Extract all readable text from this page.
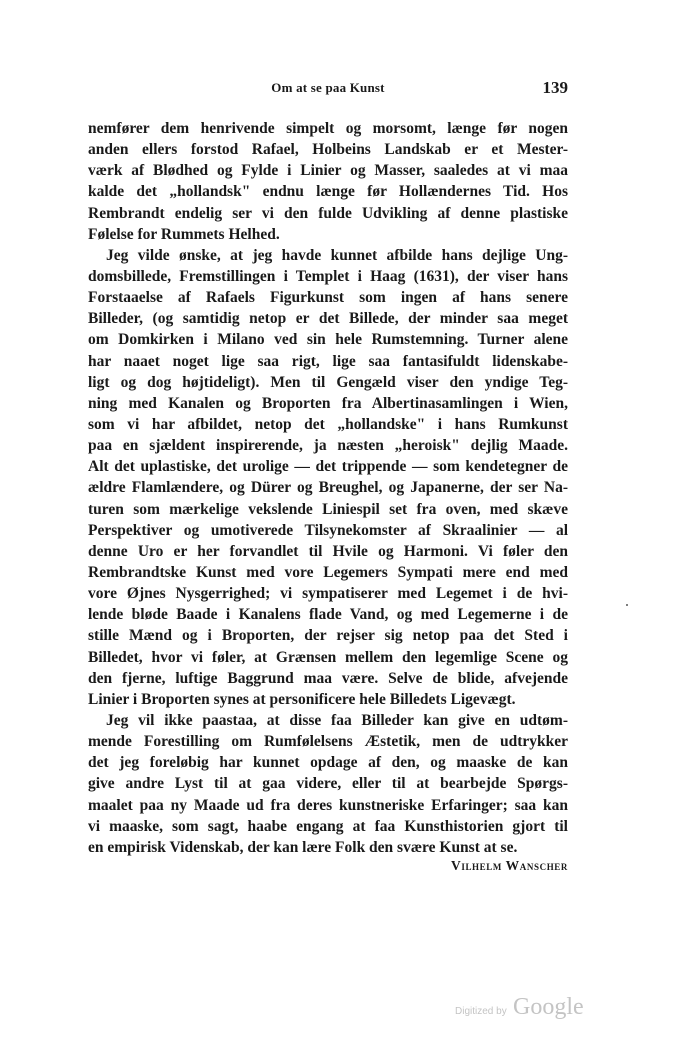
Om at se paa Kunst	139
nemfører dem henrivende simpelt og morsomt, længe før nogen
anden ellers forstod Rafael, Holbeins Landskab er et Mester-
værk af Blødhed og Fylde i Linier og Masser, saaledes at vi maa
kalde det „hollandsk" endnu længe før Hollændernes Tid. Hos
Rembrandt endelig ser vi den fulde Udvikling af denne plastiske
Følelse for Rummets Helhed.
Jeg vilde ønske, at jeg havde kunnet afbilde hans dejlige Ung-
domsbillede, Fremstillingen i Templet i Haag (1631), der viser hans
Forstaaelse af Rafaels Figurkunst som ingen af hans senere
Billeder, (og samtidig netop er det Billede, der minder saa meget
om Domkirken i Milano ved sin hele Rumstemning. Turner alene
har naaet noget lige saa rigt, lige saa fantasifuldt lidenskabe-
ligt og dog højtideligt). Men til Gengæld viser den yndige Teg-
ning med Kanalen og Broporten fra Albertinasamlingen i Wien,
som vi har afbildet, netop det „hollandske" i hans Rumkunst
paa en sjældent inspirerende, ja næsten „heroisk" dejlig Maade.
Alt det uplastiske, det urolige — det trippende — som kendetegner de
ældre Flamlændere, og Dürer og Breughel, og Japanerne, der ser Na-
turen som mærkelige vekslende Liniespil set fra oven, med skæve
Perspektiver og umotiverede Tilsynekomster af Skraalinier — al
denne Uro er her forvandlet til Hvile og Harmoni. Vi føler den
Rembrandtske Kunst med vore Legemers Sympati mere end med
vore Øjnes Nysgerrighed; vi sympatiserer med Legemet i de hvi-
lende bløde Baade i Kanalens flade Vand, og med Legemerne i de
stille Mænd og i Broporten, der rejser sig netop paa det Sted i
Billedet, hvor vi føler, at Grænsen mellem den legemlige Scene og
den fjerne, luftige Baggrund maa være. Selve de blide, afvejende
Linier i Broporten synes at personificere hele Billedets Ligevægt.
Jeg vil ikke paastaa, at disse faa Billeder kan give en udtøm-
mende Forestilling om Rumfølelsens Æstetik, men de udtrykker
det jeg foreløbig har kunnet opdage af den, og maaske de kan
give andre Lyst til at gaa videre, eller til at bearbejde Spørgs-
maalet paa ny Maade ud fra deres kunstneriske Erfaringer; saa kan
vi maaske, som sagt, haabe engang at faa Kunsthistorien gjort til
en empirisk Videnskab, der kan lære Folk den svære Kunst at se.
Vilhelm Wanscher
Digitized by Google
